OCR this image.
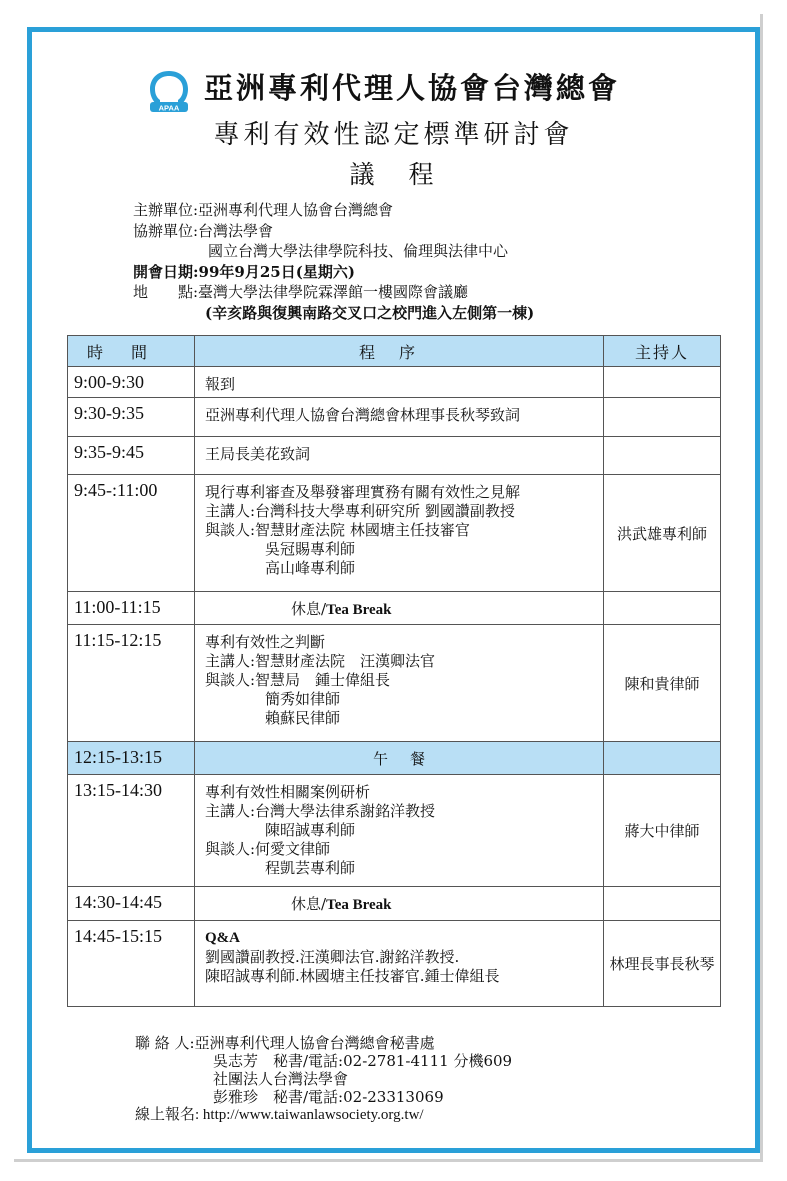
APAA
亞洲專利代理人協會台灣總會
專利有效性認定標準研討會
議程
主辦單位:亞洲專利代理人協會台灣總會
協辦單位:台灣法學會
國立台灣大學法律學院科技、倫理與法律中心
開會日期:99年9月25日(星期六)
地　　點:臺灣大學法律學院霖澤館一樓國際會議廳
(辛亥路與復興南路交叉口之校門進入左側第一棟)
時間	程序	主持人
9:00-9:30	報到	

9:30-9:35	亞洲專利代理人協會台灣總會林理事長秋琴致詞	

9:35-9:45	王局長美花致詞	

9:45-:11:00	現行專利審查及舉發審理實務有關有效性之見解
主講人:台灣科技大學專利研究所 劉國讚副教授
與談人:智慧財產法院 林國塘主任技審官
吳冠賜專利師
高山峰專利師	洪武雄專利師
11:00-11:15	休息/Tea Break	
11:15-12:15	專利有效性之判斷
主講人:智慧財產法院　汪漢卿法官
與談人:智慧局　鍾士偉組長
簡秀如律師
賴蘇民律師	陳和貴律師
12:15-13:15	午餐	
13:15-14:30	專利有效性相關案例研析
主講人:台灣大學法律系謝銘洋教授
陳昭誠專利師
與談人:何愛文律師
程凱芸專利師	蔣大中律師
14:30-14:45	休息/Tea Break	
14:45-15:15	Q&A
劉國讚副教授.汪漢卿法官.謝銘洋教授.
陳昭誠專利師.林國塘主任技審官.鍾士偉組長	林理長事長秋琴
聯 絡 人:亞洲專利代理人協會台灣總會秘書處
吳志芳　秘書/電話:02-2781-4111 分機609
社團法人台灣法學會
彭雅珍　秘書/電話:02-23313069
線上報名: http://www.taiwanlawsociety.org.tw/
